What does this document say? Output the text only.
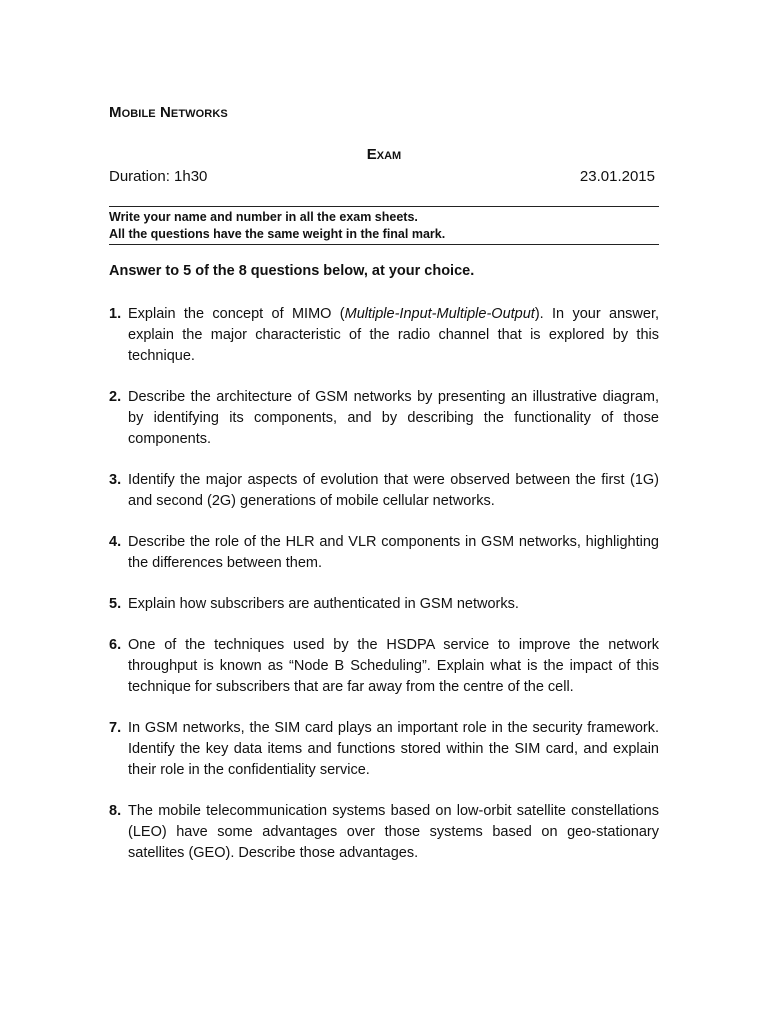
Mobile Networks
Exam
Duration: 1h30	23.01.2015
Write your name and number in all the exam sheets.
All the questions have the same weight in the final mark.
Answer to 5 of the 8 questions below, at your choice.
1. Explain the concept of MIMO (Multiple-Input-Multiple-Output). In your answer, explain the major characteristic of the radio channel that is explored by this technique.
2. Describe the architecture of GSM networks by presenting an illustrative diagram, by identifying its components, and by describing the functionality of those components.
3. Identify the major aspects of evolution that were observed between the first (1G) and second (2G) generations of mobile cellular networks.
4. Describe the role of the HLR and VLR components in GSM networks, highlighting the differences between them.
5. Explain how subscribers are authenticated in GSM networks.
6. One of the techniques used by the HSDPA service to improve the network throughput is known as “Node B Scheduling”. Explain what is the impact of this technique for subscribers that are far away from the centre of the cell.
7. In GSM networks, the SIM card plays an important role in the security framework. Identify the key data items and functions stored within the SIM card, and explain their role in the confidentiality service.
8. The mobile telecommunication systems based on low-orbit satellite constellations (LEO) have some advantages over those systems based on geo-stationary satellites (GEO). Describe those advantages.
